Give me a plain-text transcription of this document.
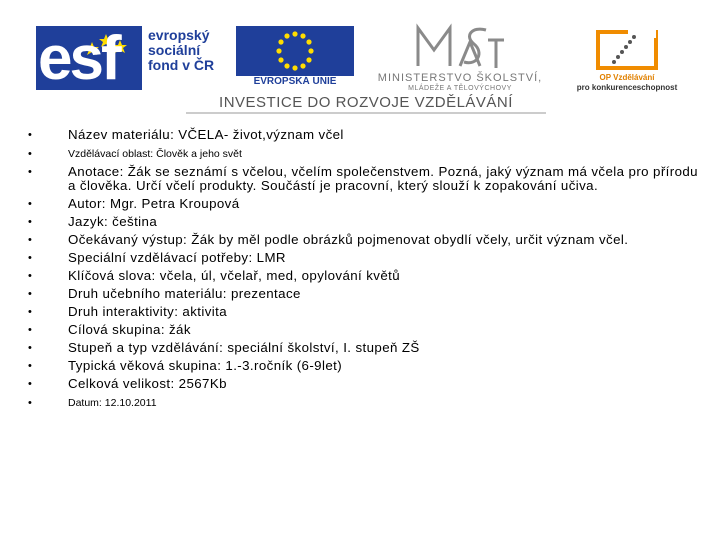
esf evropský
sociální
fond v ČR
EVROPSKÁ UNIE	MINISTERSTVO ŠKOLSTVÍ,
MLÁDEŽE A TĚLOVÝCHOVY
OP Vzdělávání
pro konkurenceschopnost
INVESTICE DO ROZVOJE VZDĚLÁVÁNÍ
•	Název materiálu: VČELA- život,význam včel
•	Vzdělávací oblast: Člověk a jeho svět
•	Anotace: Žák se seznámí s včelou, včelím společenstvem. Pozná, jaký význam má včela pro přírodu a člověka. Určí včelí produkty. Součástí je pracovní, který slouží k zopakování učiva.
•	Autor: Mgr. Petra Kroupová
•	Jazyk: čeština
•	Očekávaný výstup: Žák by měl podle obrázků pojmenovat obydlí včely, určit význam včel.
•	Speciální vzdělávací potřeby: LMR
•	Klíčová slova: včela, úl, včelař, med, opylování květů
•	Druh učebního materiálu: prezentace
•	Druh interaktivity: aktivita
•	Cílová skupina: žák
•	Stupeň a typ vzdělávání: speciální školství, I. stupeň ZŠ
•	Typická věková skupina: 1.-3.ročník (6-9let)
•	Celková velikost: 2567Kb
•	Datum: 12.10.2011
